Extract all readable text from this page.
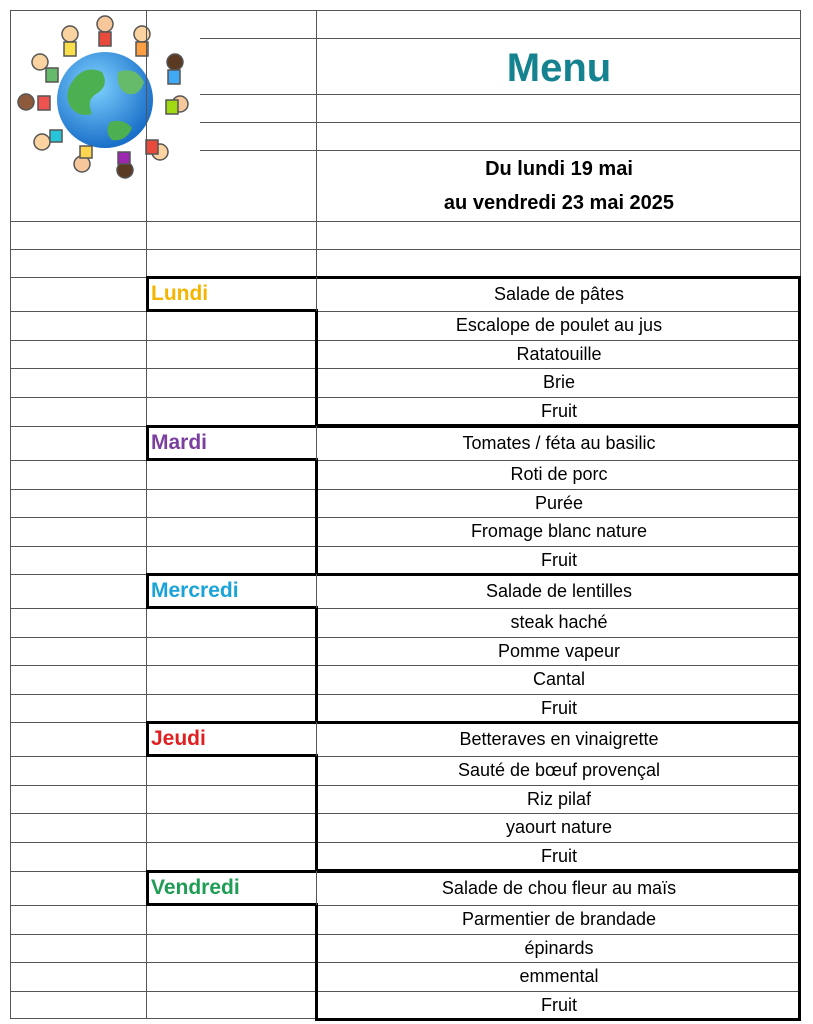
Menu
Du lundi 19 mai
au vendredi 23 mai 2025
Lundi	Salade de pâtes
Escalope de poulet au jus
Ratatouille
Brie
Fruit
Mardi	Tomates / féta au basilic
Roti de porc
Purée
Fromage blanc nature
Fruit
Mercredi	Salade de lentilles
steak haché
Pomme vapeur
Cantal
Fruit
Jeudi	Betteraves en vinaigrette
Sauté de bœuf provençal
Riz pilaf
yaourt nature
Fruit
Vendredi	Salade de chou fleur au maïs
Parmentier de brandade
épinards
emmental
Fruit
